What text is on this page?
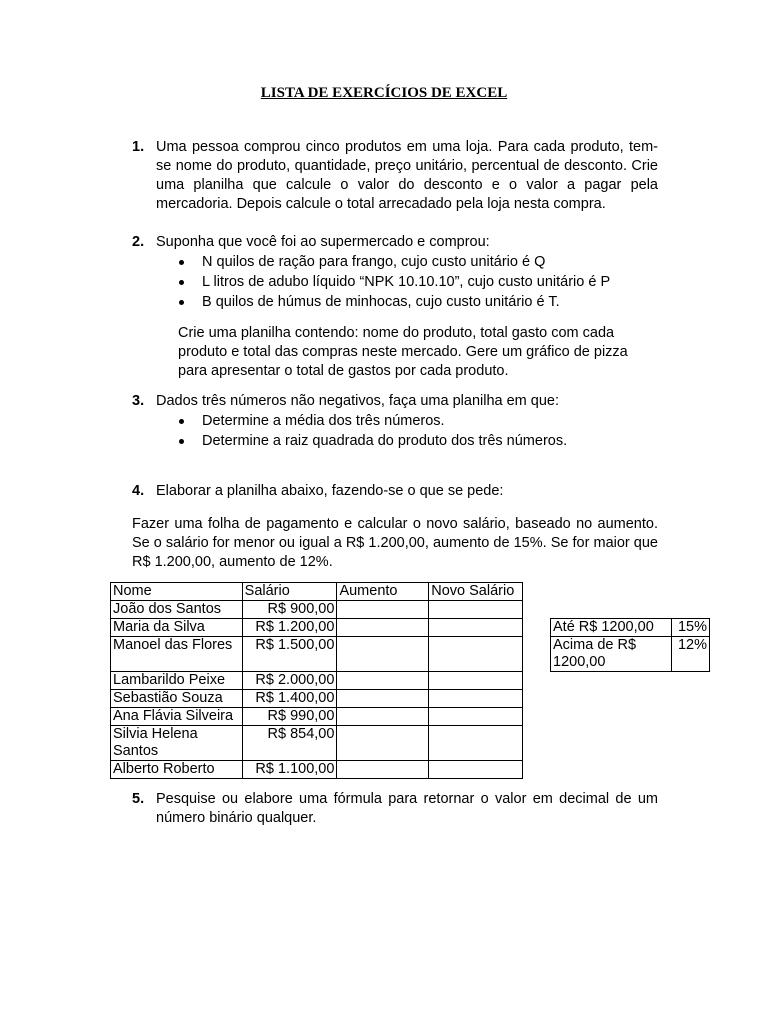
LISTA DE EXERCÍCIOS DE EXCEL
1. Uma pessoa comprou cinco produtos em uma loja. Para cada produto, tem-se nome do produto, quantidade, preço unitário, percentual de desconto. Crie uma planilha que calcule o valor do desconto e o valor a pagar pela mercadoria. Depois calcule o total arrecadado pela loja nesta compra.
2. Suponha que você foi ao supermercado e comprou:
N quilos de ração para frango, cujo custo unitário é Q
L litros de adubo líquido “NPK 10.10.10”, cujo custo unitário é P
B quilos de húmus de minhocas, cujo custo unitário é T.
Crie uma planilha contendo: nome do produto, total gasto com cada produto e total das compras neste mercado. Gere um gráfico de pizza para apresentar o total de gastos por cada produto.
3. Dados três números não negativos, faça uma planilha em que:
Determine a média dos três números.
Determine a raiz quadrada do produto dos três números.
4. Elaborar a planilha abaixo, fazendo-se o que se pede:
Fazer uma folha de pagamento e calcular o novo salário, baseado no aumento. Se o salário for menor ou igual a R$ 1.200,00, aumento de 15%. Se for maior que R$ 1.200,00, aumento de 12%.
Nome	Salário	Aumento	Novo Salário
João dos Santos	R$ 900,00		
Maria da Silva	R$ 1.200,00		
Manoel das Flores	R$ 1.500,00		
Lambarildo Peixe	R$ 2.000,00		
Sebastião Souza	R$ 1.400,00		
Ana Flávia Silveira	R$ 990,00		
Silvia Helena Santos	R$ 854,00		
Alberto Roberto	R$ 1.100,00		
Até R$ 1200,00	15%
Acima de R$ 1200,00	12%
5. Pesquise ou elabore uma fórmula para retornar o valor em decimal de um número binário qualquer.
